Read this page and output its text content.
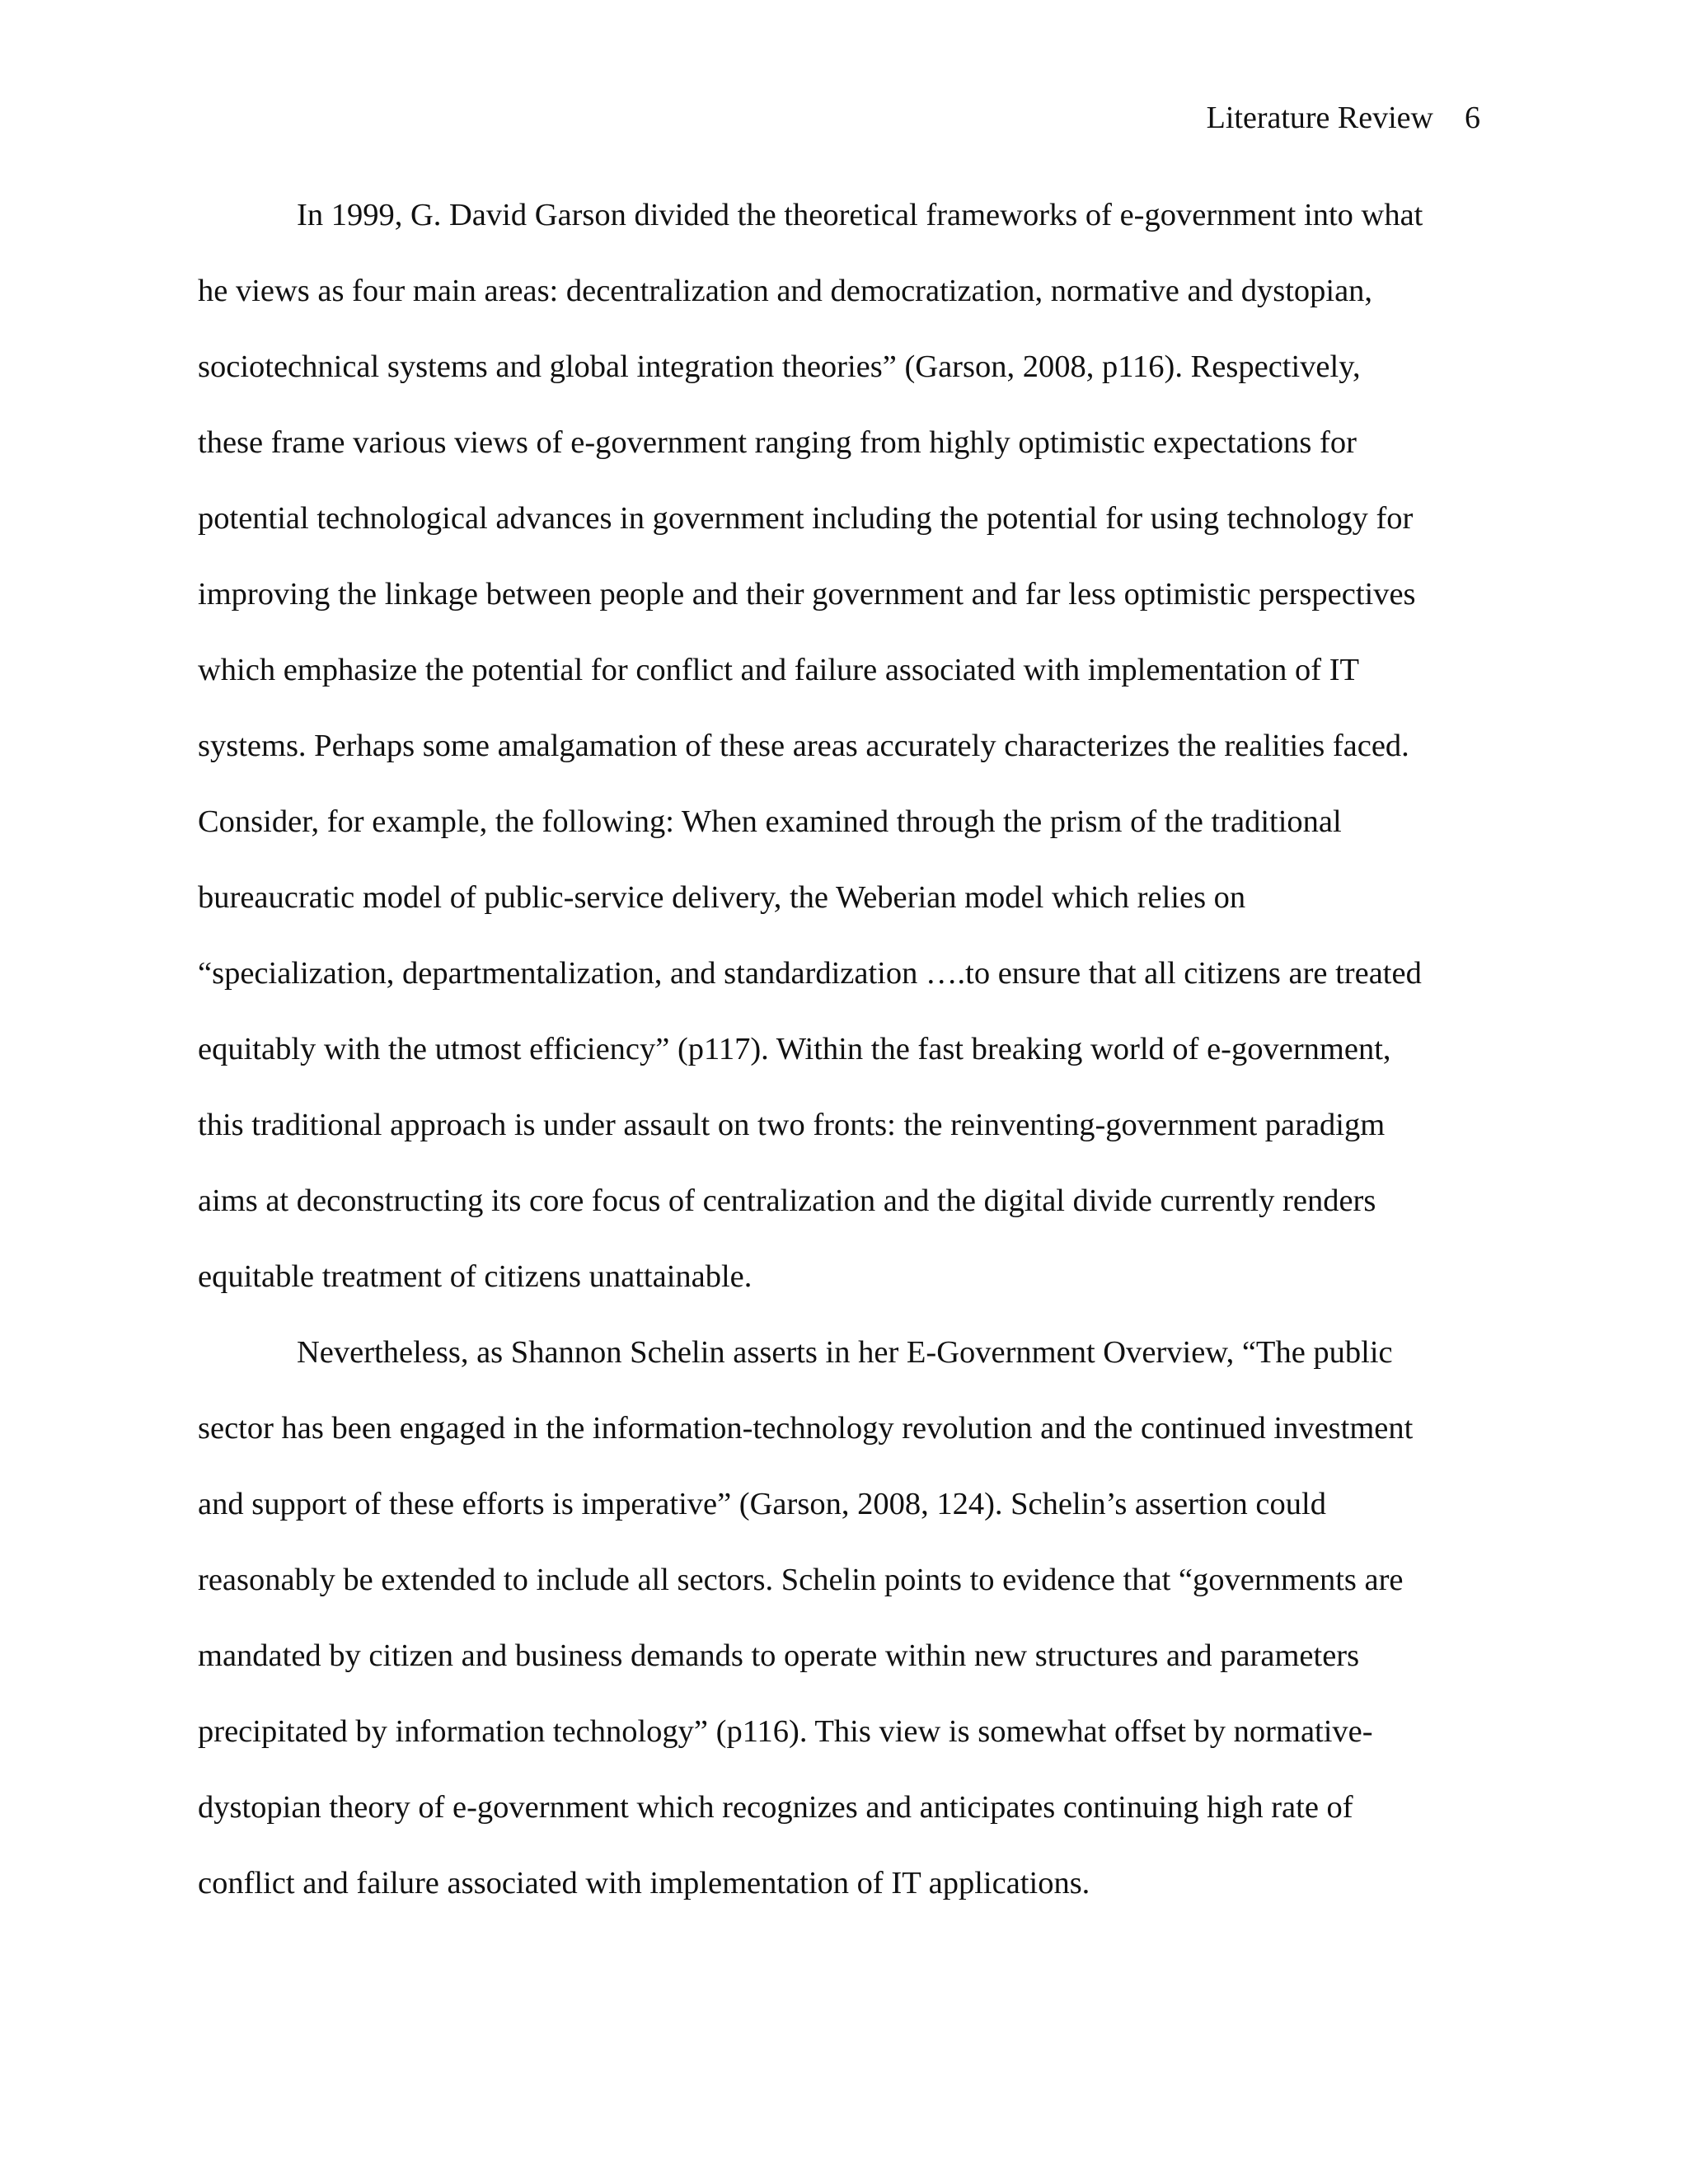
Literature Review 6
In 1999, G. David Garson divided the theoretical frameworks of e-government into what
he views as four main areas: decentralization and democratization, normative and dystopian,
sociotechnical systems and global integration theories” (Garson, 2008, p116). Respectively,
these frame various views of e-government ranging from highly optimistic expectations for
potential technological advances in government including the potential for using technology for
improving the linkage between people and their government and far less optimistic perspectives
which emphasize the potential for conflict and failure associated with implementation of IT
systems. Perhaps some amalgamation of these areas accurately characterizes the realities faced.
Consider, for example, the following: When examined through the prism of the traditional
bureaucratic model of public-service delivery, the Weberian model which relies on
“specialization, departmentalization, and standardization ….to ensure that all citizens are treated
equitably with the utmost efficiency” (p117). Within the fast breaking world of e-government,
this traditional approach is under assault on two fronts: the reinventing-government paradigm
aims at deconstructing its core focus of centralization and the digital divide currently renders
equitable treatment of citizens unattainable.
Nevertheless, as Shannon Schelin asserts in her E-Government Overview, “The public
sector has been engaged in the information-technology revolution and the continued investment
and support of these efforts is imperative” (Garson, 2008, 124). Schelin’s assertion could
reasonably be extended to include all sectors. Schelin points to evidence that “governments are
mandated by citizen and business demands to operate within new structures and parameters
precipitated by information technology” (p116). This view is somewhat offset by normative-
dystopian theory of e-government which recognizes and anticipates continuing high rate of
conflict and failure associated with implementation of IT applications.
